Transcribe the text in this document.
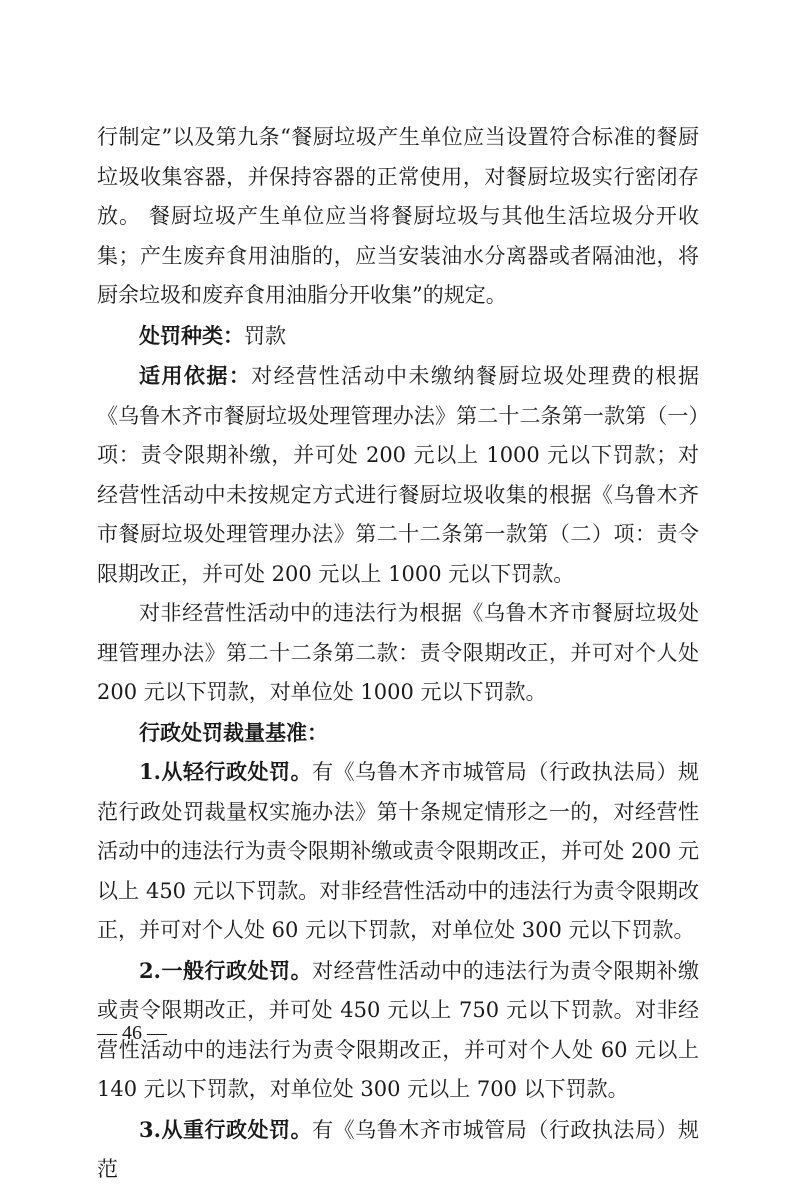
行制定”以及第九条“餐厨垃圾产生单位应当设置符合标准的餐厨垃圾收集容器，并保持容器的正常使用，对餐厨垃圾实行密闭存放。 餐厨垃圾产生单位应当将餐厨垃圾与其他生活垃圾分开收集；产生废弃食用油脂的，应当安装油水分离器或者隔油池，将厨余垃圾和废弃食用油脂分开收集”的规定。

处罚种类：罚款

适用依据：对经营性活动中未缴纳餐厨垃圾处理费的根据《乌鲁木齐市餐厨垃圾处理管理办法》第二十二条第一款第（一）项：责令限期补缴，并可处 200 元以上 1000 元以下罚款；对经营性活动中未按规定方式进行餐厨垃圾收集的根据《乌鲁木齐市餐厨垃圾处理管理办法》第二十二条第一款第（二）项：责令限期改正，并可处 200 元以上 1000 元以下罚款。

对非经营性活动中的违法行为根据《乌鲁木齐市餐厨垃圾处理管理办法》第二十二条第二款：责令限期改正，并可对个人处 200 元以下罚款，对单位处 1000 元以下罚款。

行政处罚裁量基准：

1.从轻行政处罚。有《乌鲁木齐市城管局（行政执法局）规范行政处罚裁量权实施办法》第十条规定情形之一的，对经营性活动中的违法行为责令限期补缴或责令限期改正，并可处 200 元以上 450 元以下罚款。对非经营性活动中的违法行为责令限期改正，并可对个人处 60 元以下罚款，对单位处 300 元以下罚款。

2.一般行政处罚。对经营性活动中的违法行为责令限期补缴或责令限期改正，并可处 450 元以上 750 元以下罚款。对非经营性活动中的违法行为责令限期改正，并可对个人处 60 元以上 140 元以下罚款，对单位处 300 元以上 700 以下罚款。

3.从重行政处罚。有《乌鲁木齐市城管局（行政执法局）规范

— 46 —
